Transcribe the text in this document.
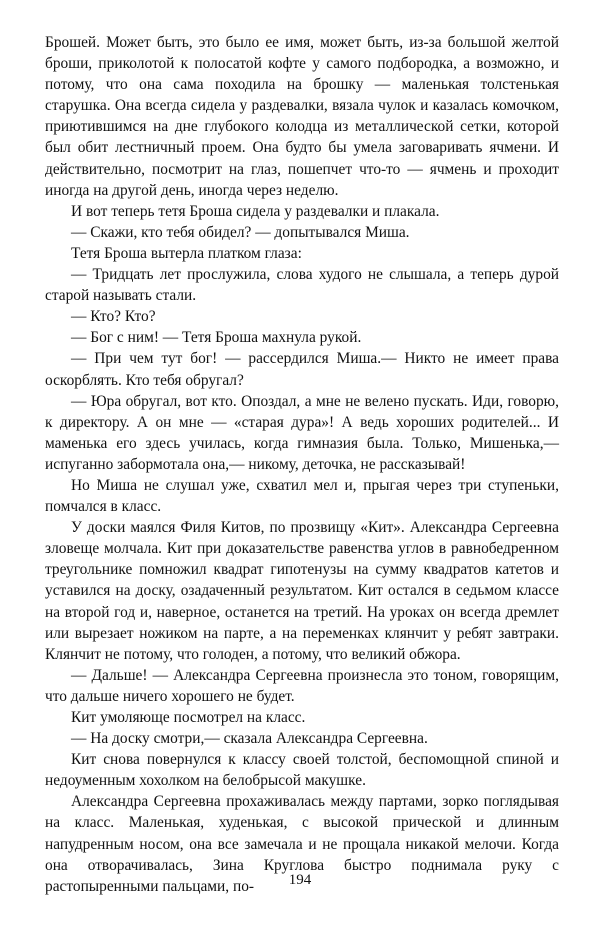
Брошей. Может быть, это было ее имя, может быть, из-за большой желтой броши, приколотой к полосатой кофте у самого подбородка, а возможно, и потому, что она сама походила на брошку — маленькая толстенькая старушка. Она всегда сидела у раздевалки, вязала чулок и казалась комочком, приютившимся на дне глубокого колодца из металлической сетки, которой был обит лестничный проем. Она будто бы умела заговаривать ячмени. И действительно, посмотрит на глаз, пошепчет что-то — ячмень и проходит иногда на другой день, иногда через неделю.

И вот теперь тетя Броша сидела у раздевалки и плакала.

— Скажи, кто тебя обидел? — допытывался Миша.

Тетя Броша вытерла платком глаза:

— Тридцать лет прослужила, слова худого не слышала, а теперь дурой старой называть стали.

— Кто? Кто?

— Бог с ним! — Тетя Броша махнула рукой.

— При чем тут бог! — рассердился Миша.— Никто не имеет права оскорблять. Кто тебя обругал?

— Юра обругал, вот кто. Опоздал, а мне не велено пускать. Иди, говорю, к директору. А он мне — «старая дура»! А ведь хороших родителей... И маменька его здесь училась, когда гимназия была. Только, Мишенька,— испуганно забормотала она,— никому, деточка, не рассказывай!

Но Миша не слушал уже, схватил мел и, прыгая через три ступеньки, помчался в класс.

У доски маялся Филя Китов, по прозвищу «Кит». Александра Сергеевна зловеще молчала. Кит при доказательстве равенства углов в равнобедренном треугольнике помножил квадрат гипотенузы на сумму квадратов катетов и уставился на доску, озадаченный результатом. Кит остался в седьмом классе на второй год и, наверное, останется на третий. На уроках он всегда дремлет или вырезает ножиком на парте, а на переменках клянчит у ребят завтраки. Клянчит не потому, что голоден, а потому, что великий обжора.

— Дальше! — Александра Сергеевна произнесла это тоном, говорящим, что дальше ничего хорошего не будет.

Кит умоляюще посмотрел на класс.

— На доску смотри,— сказала Александра Сергеевна.

Кит снова повернулся к классу своей толстой, беспомощной спиной и недоуменным хохолком на белобрысой макушке.

Александра Сергеевна прохаживалась между партами, зорко поглядывая на класс. Маленькая, худенькая, с высокой прической и длинным напудренным носом, она все замечала и не прощала никакой мелочи. Когда она отворачивалась, Зина Круглова быстро поднимала руку с растопыренными пальцами, по-	194
